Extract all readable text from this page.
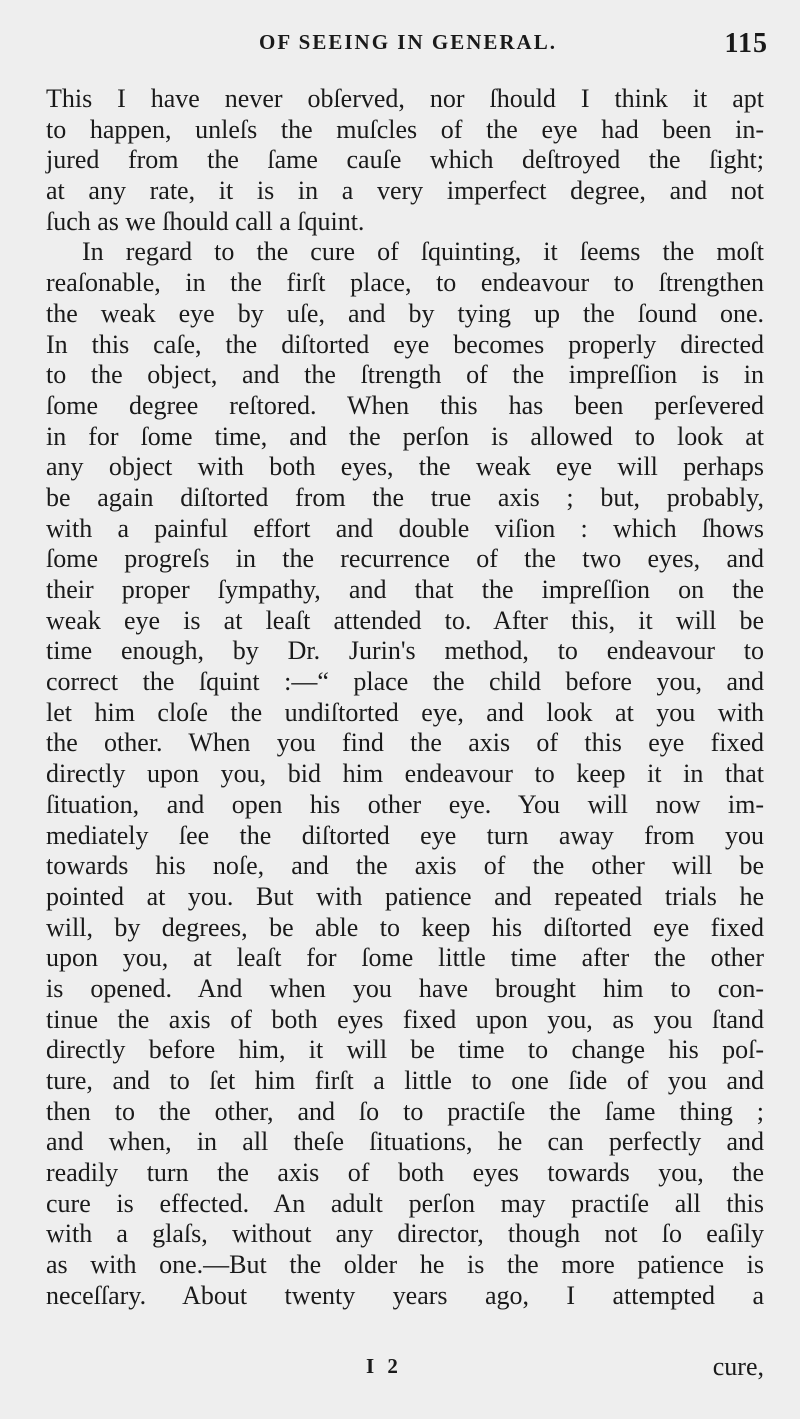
OF SEEING IN GENERAL.	115
This I have never obſerved, nor ſhould I think it apt
to happen, unleſs the muſcles of the eye had been in-
jured from the ſame cauſe which deſtroyed the ſight;
at any rate, it is in a very imperfect degree, and not
ſuch as we ſhould call a ſquint.
In regard to the cure of ſquinting, it ſeems the moſt
reaſonable, in the firſt place, to endeavour to ſtrengthen
the weak eye by uſe, and by tying up the ſound one.
In this caſe, the diſtorted eye becomes properly directed
to the object, and the ſtrength of the impreſſion is in
ſome degree reſtored. When this has been perſevered
in for ſome time, and the perſon is allowed to look at
any object with both eyes, the weak eye will perhaps
be again diſtorted from the true axis ; but, probably,
with a painful effort and double viſion : which ſhows
ſome progreſs in the recurrence of the two eyes, and
their proper ſympathy, and that the impreſſion on the
weak eye is at leaſt attended to. After this, it will be
time enough, by Dr. Jurin's method, to endeavour to
correct the ſquint :—“ place the child before you, and
let him cloſe the undiſtorted eye, and look at you with
the other. When you find the axis of this eye fixed
directly upon you, bid him endeavour to keep it in that
ſituation, and open his other eye. You will now im-
mediately ſee the diſtorted eye turn away from you
towards his noſe, and the axis of the other will be
pointed at you. But with patience and repeated trials he
will, by degrees, be able to keep his diſtorted eye fixed
upon you, at leaſt for ſome little time after the other
is opened. And when you have brought him to con-
tinue the axis of both eyes fixed upon you, as you ſtand
directly before him, it will be time to change his poſ-
ture, and to ſet him firſt a little to one ſide of you and
then to the other, and ſo to practiſe the ſame thing ;
and when, in all theſe ſituations, he can perfectly and
readily turn the axis of both eyes towards you, the
cure is effected. An adult perſon may practiſe all this
with a glaſs, without any director, though not ſo eaſily
as with one.—But the older he is the more patience is
neceſſary. About twenty years ago, I attempted a
I 2	cure,
